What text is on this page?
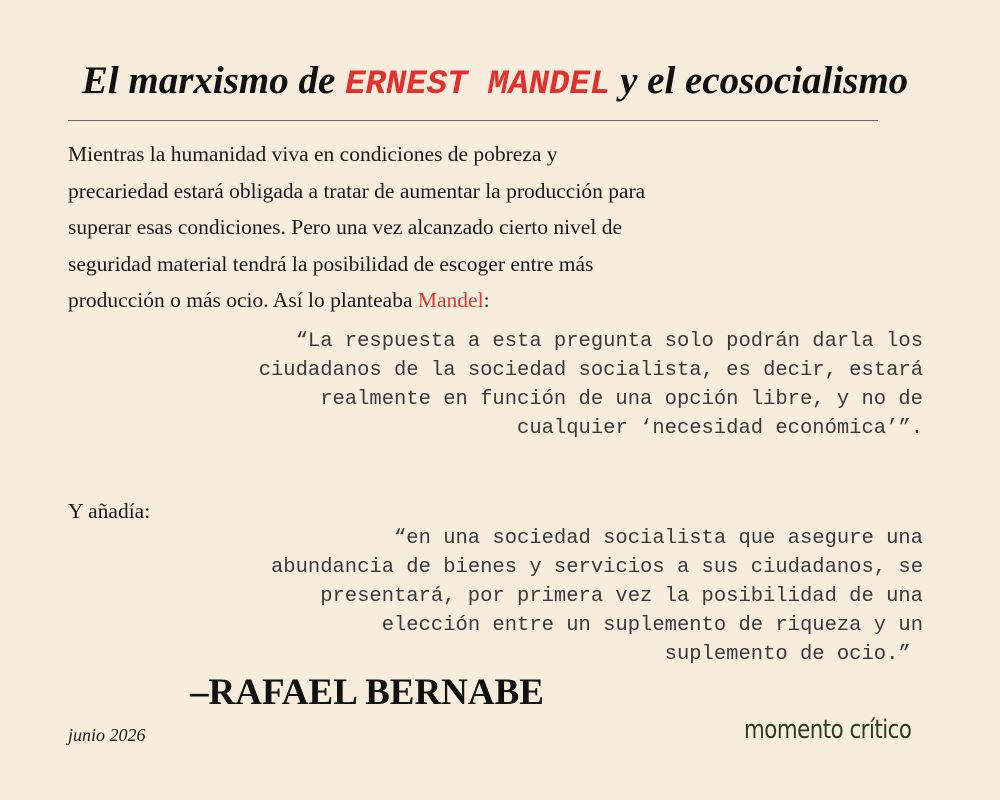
El marxismo de ERNEST MANDEL y el ecosocialismo
Mientras la humanidad viva en condiciones de pobreza y
precariedad estará obligada a tratar de aumentar la producción para
superar esas condiciones. Pero una vez alcanzado cierto nivel de
seguridad material tendrá la posibilidad de escoger entre más
producción o más ocio. Así lo planteaba Mandel:
“La respuesta a esta pregunta solo podrán darla los
ciudadanos de la sociedad socialista, es decir, estará
realmente en función de una opción libre, y no de
cualquier ‘necesidad económica’”.
Y añadía:
“en una sociedad socialista que asegure una
abundancia de bienes y servicios a sus ciudadanos, se
presentará, por primera vez la posibilidad de una
elección entre un suplemento de riqueza y un
suplemento de ocio.”
–RAFAEL BERNABE
junio 2026	momento crítico
